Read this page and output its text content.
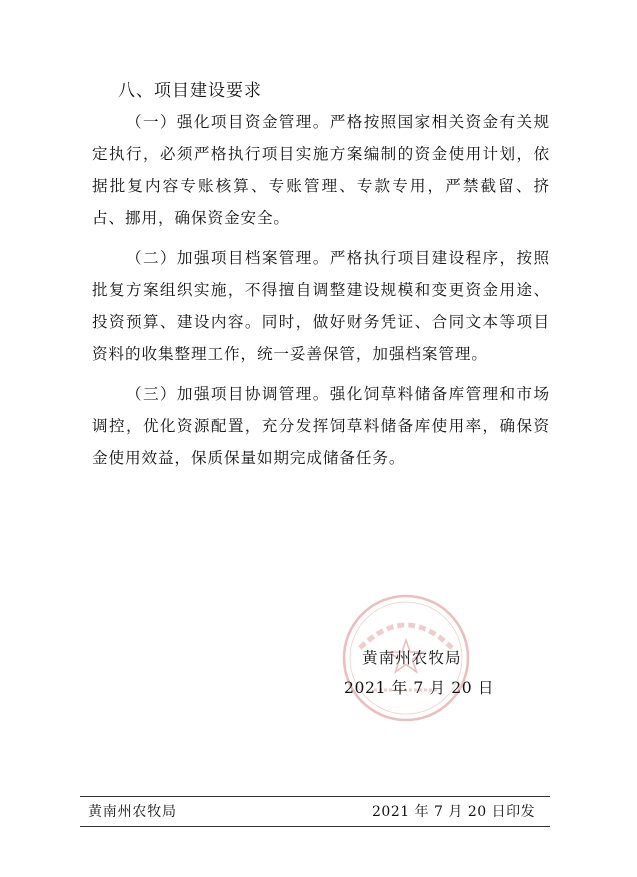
八、项目建设要求

（一）强化项目资金管理。严格按照国家相关资金有关规定执行，必须严格执行项目实施方案编制的资金使用计划，依据批复内容专账核算、专账管理、专款专用，严禁截留、挤占、挪用，确保资金安全。

（二）加强项目档案管理。严格执行项目建设程序，按照批复方案组织实施，不得擅自调整建设规模和变更资金用途、投资预算、建设内容。同时，做好财务凭证、合同文本等项目资料的收集整理工作，统一妥善保管，加强档案管理。

（三）加强项目协调管理。强化饲草料储备库管理和市场调控，优化资源配置，充分发挥饲草料储备库使用率，确保资金使用效益，保质保量如期完成储备任务。

黄南州农牧局
2021 年 7 月 20 日
黄南州农牧局	2021 年 7 月 20 日印发
